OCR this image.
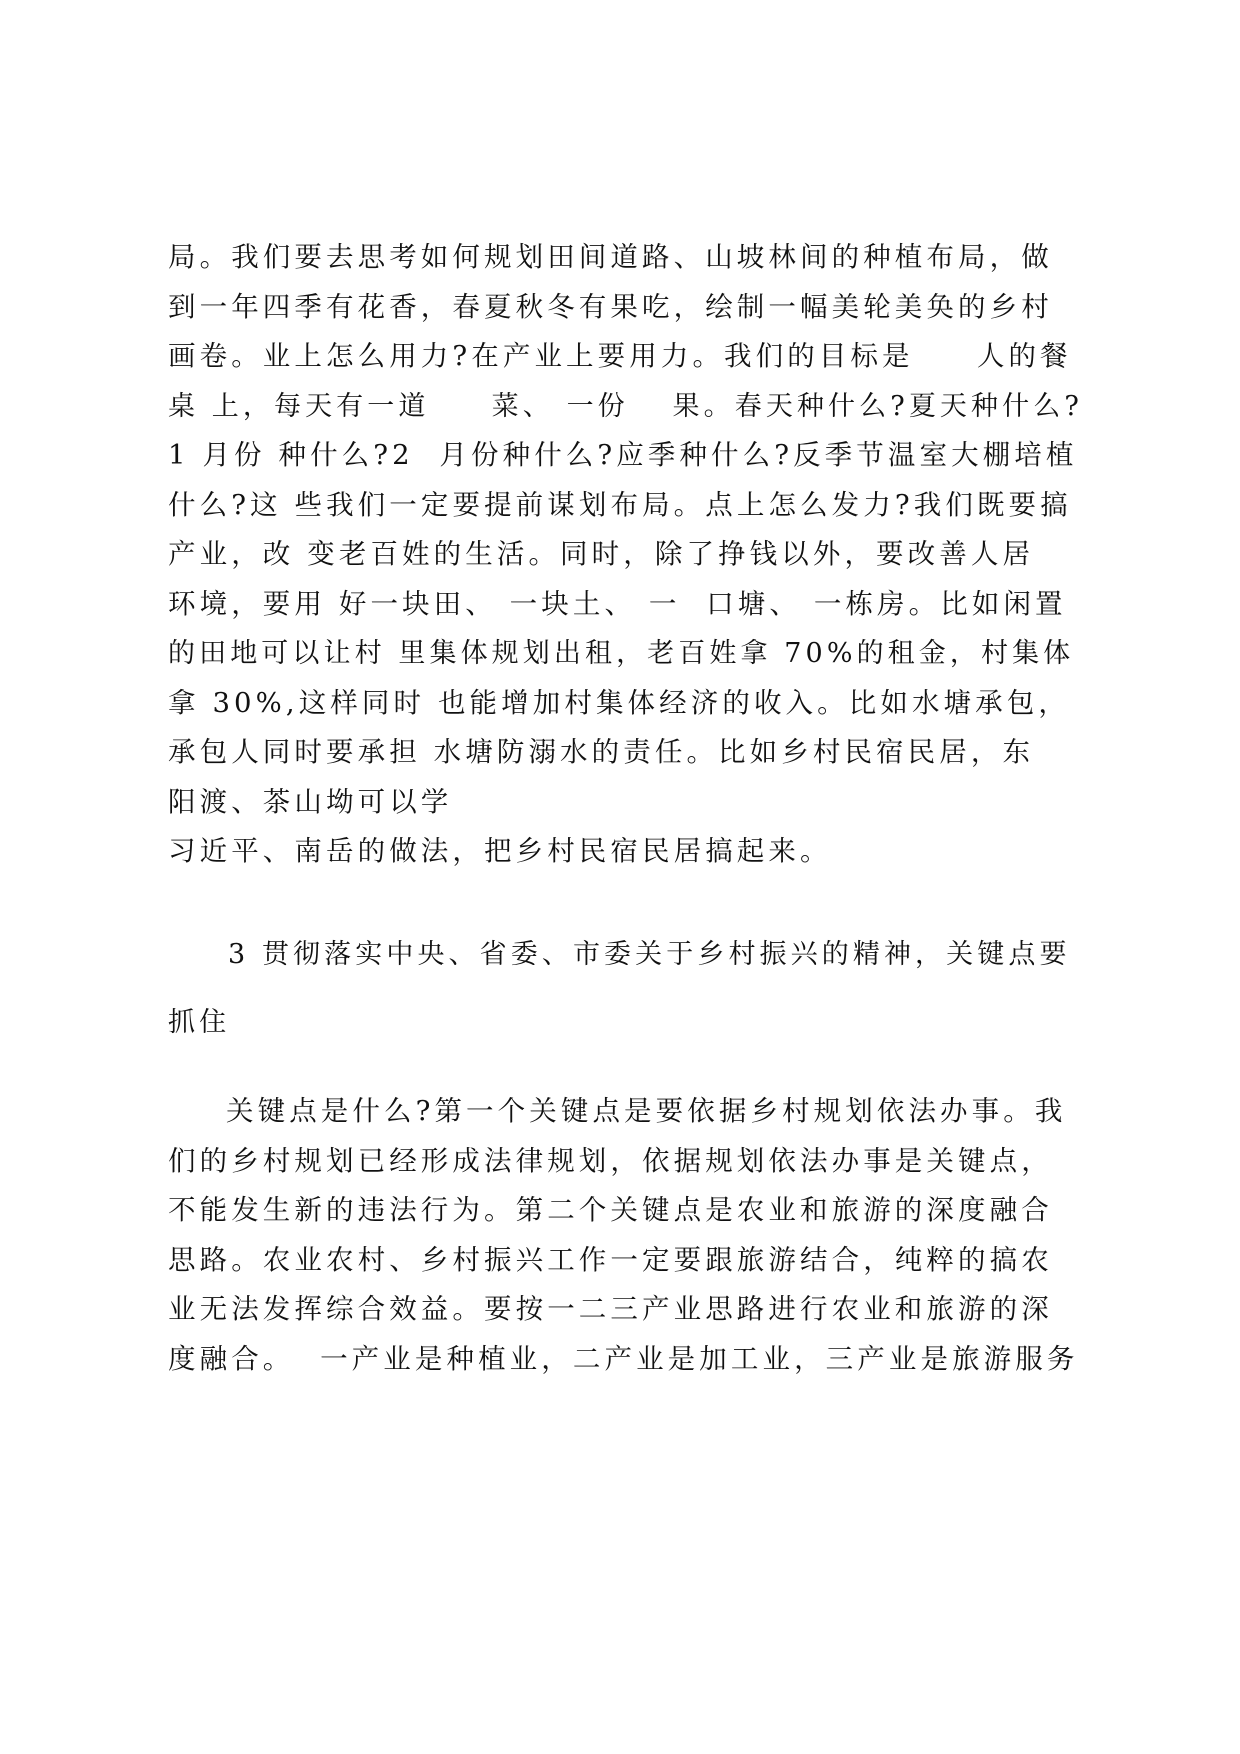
局。我们要去思考如何规划田间道路、山坡林间的种植布局，做
到一年四季有花香，春夏秋冬有果吃，绘制一幅美轮美奂的乡村
画卷。业上怎么用力?在产业上要用力。我们的目标是　　人的餐
桌 上，每天有一道　　菜、 一份　 果。春天种什么?夏天种什么?
1 月份 种什么?2  月份种什么?应季种什么?反季节温室大棚培植
什么?这 些我们一定要提前谋划布局。点上怎么发力?我们既要搞
产业，改 变老百姓的生活。同时，除了挣钱以外，要改善人居
环境，要用 好一块田、 一块土、 一  口塘、 一栋房。比如闲置
的田地可以让村 里集体规划出租，老百姓拿 70%的租金，村集体
拿 30%,这样同时 也能增加村集体经济的收入。比如水塘承包，
承包人同时要承担 水塘防溺水的责任。比如乡村民宿民居，东
阳渡、茶山坳可以学
习近平、南岳的做法，把乡村民宿民居搞起来。
3 贯彻落实中央、省委、市委关于乡村振兴的精神，关键点要
抓住
关键点是什么?第一个关键点是要依据乡村规划依法办事。我
们的乡村规划已经形成法律规划，依据规划依法办事是关键点，
不能发生新的违法行为。第二个关键点是农业和旅游的深度融合
思路。农业农村、乡村振兴工作一定要跟旅游结合，纯粹的搞农
业无法发挥综合效益。要按一二三产业思路进行农业和旅游的深
度融合。  一产业是种植业，二产业是加工业，三产业是旅游服务
